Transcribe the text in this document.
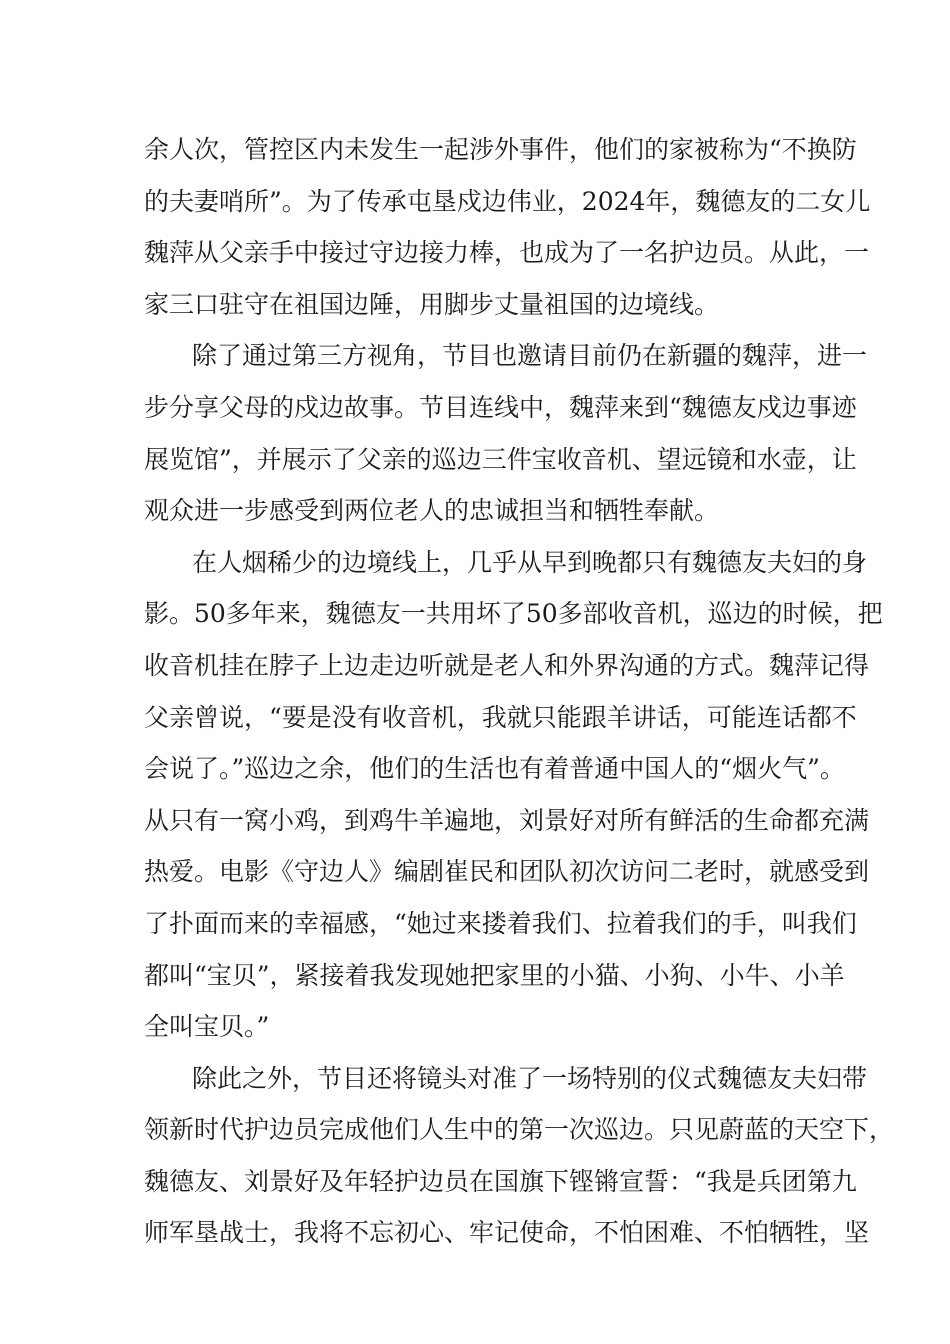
余人次，管控区内未发生一起涉外事件，他们的家被称为“不换防
的夫妻哨所”。为了传承屯垦戍边伟业，2024年，魏德友的二女儿
魏萍从父亲手中接过守边接力棒，也成为了一名护边员。从此，一
家三口驻守在祖国边陲，用脚步丈量祖国的边境线。
除了通过第三方视角，节目也邀请目前仍在新疆的魏萍，进一
步分享父母的戍边故事。节目连线中，魏萍来到“魏德友戍边事迹
展览馆”，并展示了父亲的巡边三件宝收音机、望远镜和水壶，让
观众进一步感受到两位老人的忠诚担当和牺牲奉献。
在人烟稀少的边境线上，几乎从早到晚都只有魏德友夫妇的身
影。50多年来，魏德友一共用坏了50多部收音机，巡边的时候，把
收音机挂在脖子上边走边听就是老人和外界沟通的方式。魏萍记得
父亲曾说，“要是没有收音机，我就只能跟羊讲话，可能连话都不
会说了。”巡边之余，他们的生活也有着普通中国人的“烟火气”。
从只有一窝小鸡，到鸡牛羊遍地，刘景好对所有鲜活的生命都充满
热爱。电影《守边人》编剧崔民和团队初次访问二老时，就感受到
了扑面而来的幸福感，“她过来搂着我们、拉着我们的手，叫我们
都叫“宝贝”，紧接着我发现她把家里的小猫、小狗、小牛、小羊
全叫宝贝。”
除此之外，节目还将镜头对准了一场特别的仪式魏德友夫妇带
领新时代护边员完成他们人生中的第一次巡边。只见蔚蓝的天空下，
魏德友、刘景好及年轻护边员在国旗下铿锵宣誓：“我是兵团第九
师军垦战士，我将不忘初心、牢记使命，不怕困难、不怕牺牲，坚
